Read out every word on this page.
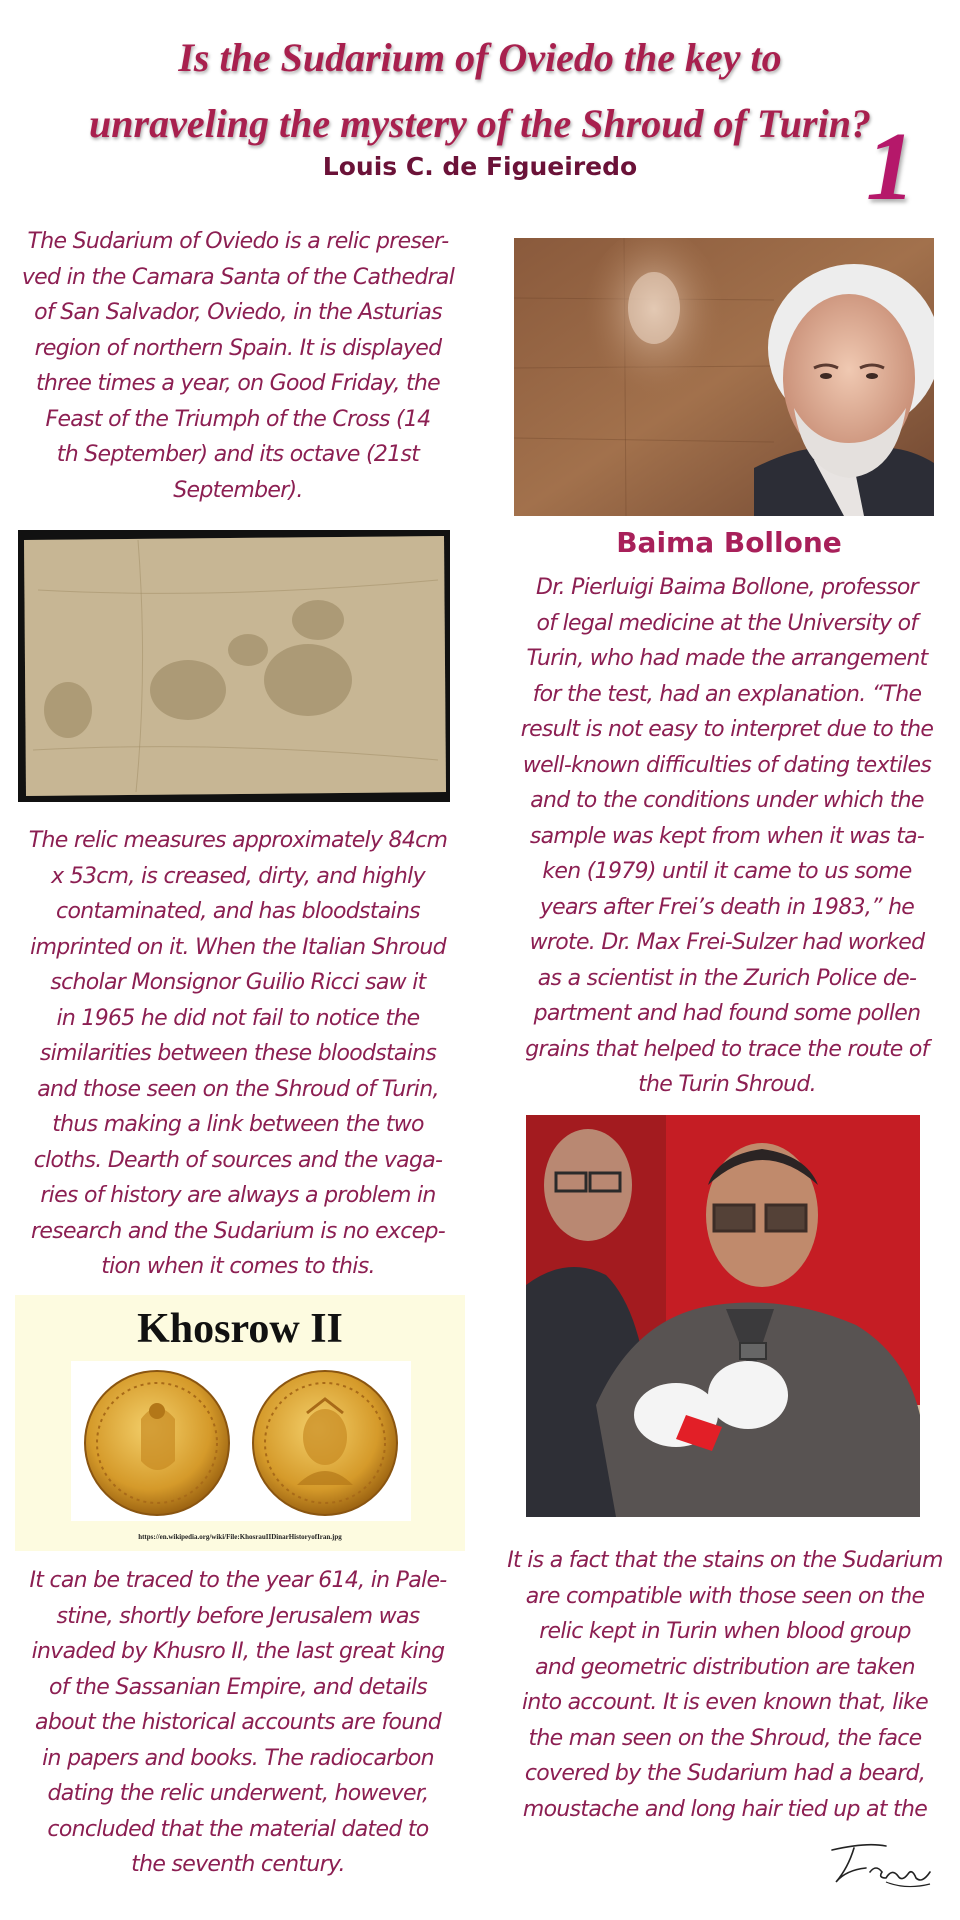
Is the Sudarium of Oviedo the key to
unraveling the mystery of the Shroud of Turin?
Louis C. de Figueiredo	1
The Sudarium of Oviedo is a relic preser-
ved in the Camara Santa of the Cathedral
of San Salvador, Oviedo, in the Asturias
region of northern Spain. It is displayed
three times a year, on Good Friday, the
Feast of the Triumph of the Cross (14
th September) and its octave (21st
September).
The relic measures approximately 84cm
x 53cm, is creased, dirty, and highly
contaminated, and has bloodstains
imprinted on it. When the Italian Shroud
scholar Monsignor Guilio Ricci saw it
in 1965 he did not fail to notice the
similarities between these bloodstains
and those seen on the Shroud of Turin,
thus making a link between the two
cloths. Dearth of sources and the vaga-
ries of history are always a problem in
research and the Sudarium is no excep-
tion when it comes to this.
Khosrow II
https://en.wikipedia.org/wiki/File:KhosrauIIDinarHistoryofIran.jpg
It can be traced to the year 614, in Pale-
stine, shortly before Jerusalem was
invaded by Khusro II, the last great king
of the Sassanian Empire, and details
about the historical accounts are found
in papers and books. The radiocarbon
dating the relic underwent, however,
concluded that the material dated to
the seventh century.
Baima Bollone
Dr. Pierluigi Baima Bollone, professor
of legal medicine at the University of
Turin, who had made the arrangement
for the test, had an explanation. “The
result is not easy to interpret due to the
well-known difficulties of dating textiles
and to the conditions under which the
sample was kept from when it was ta-
ken (1979) until it came to us some
years after Frei’s death in 1983,” he
wrote. Dr. Max Frei-Sulzer had worked
as a scientist in the Zurich Police de-
partment and had found some pollen
grains that helped to trace the route of
the Turin Shroud.
It is a fact that the stains on the Sudarium
are compatible with those seen on the
relic kept in Turin when blood group
and geometric distribution are taken
into account. It is even known that, like
the man seen on the Shroud, the face
covered by the Sudarium had a beard,
moustache and long hair tied up at the
